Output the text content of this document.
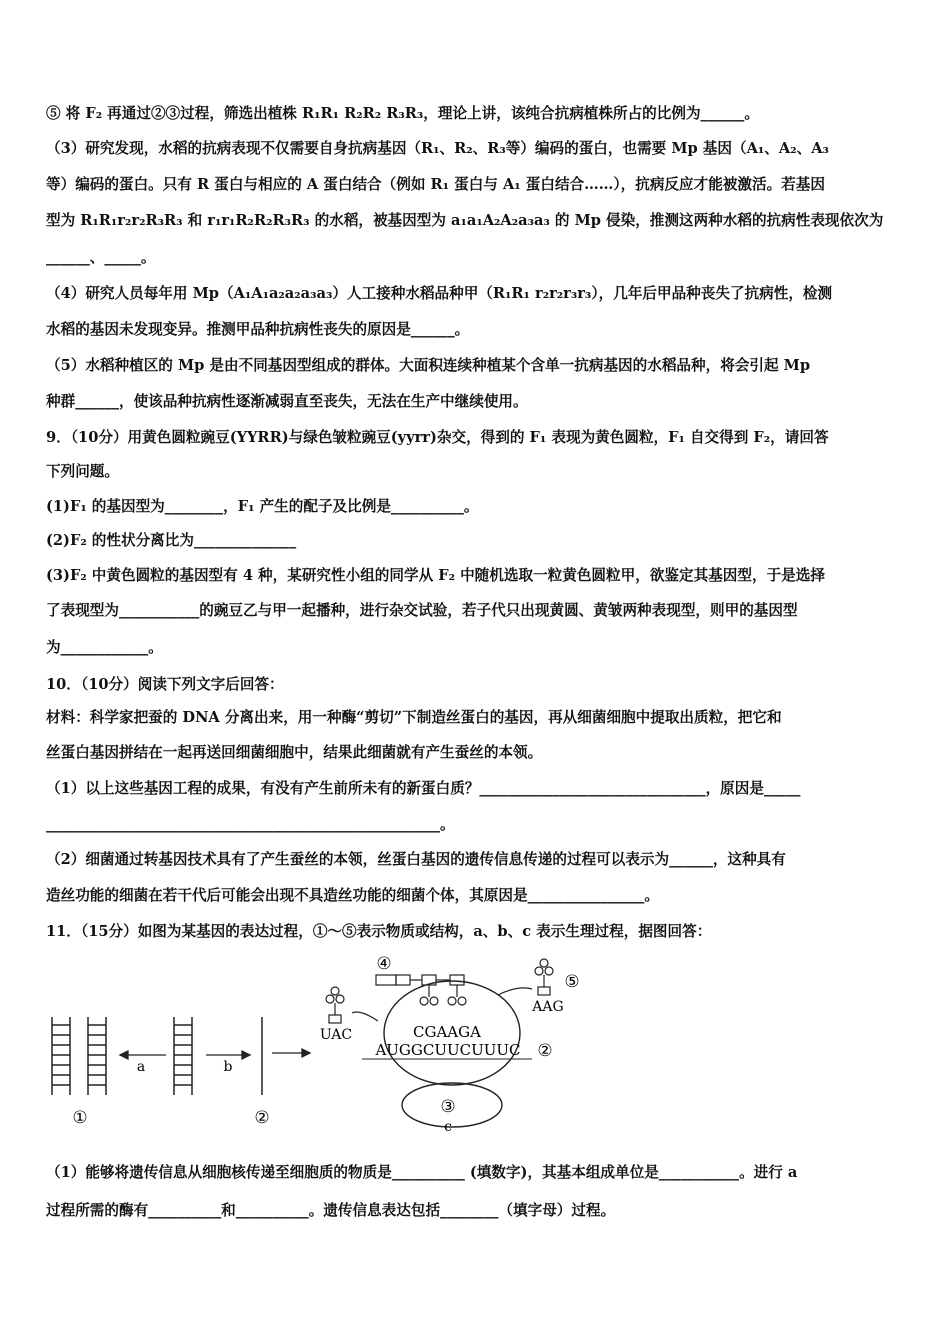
⑤ 将 F₂ 再通过②③过程，筛选出植株 R₁R₁ R₂R₂ R₃R₃，理论上讲，该纯合抗病植株所占的比例为______。
（3）研究发现，水稻的抗病表现不仅需要自身抗病基因（R₁、R₂、R₃等）编码的蛋白，也需要 Mp 基因（A₁、A₂、A₃
等）编码的蛋白。只有 R 蛋白与相应的 A 蛋白结合（例如 R₁ 蛋白与 A₁ 蛋白结合……），抗病反应才能被激活。若基因
型为 R₁R₁r₂r₂R₃R₃ 和 r₁r₁R₂R₂R₃R₃ 的水稻，被基因型为 a₁a₁A₂A₂a₃a₃ 的 Mp 侵染，推测这两种水稻的抗病性表现依次为
______、_____。
（4）研究人员每年用 Mp（A₁A₁a₂a₂a₃a₃）人工接种水稻品种甲（R₁R₁ r₂r₂r₃r₃），几年后甲品种丧失了抗病性，检测
水稻的基因未发现变异。推测甲品种抗病性丧失的原因是______。
（5）水稻种植区的 Mp 是由不同基因型组成的群体。大面积连续种植某个含单一抗病基因的水稻品种，将会引起 Mp
种群______，使该品种抗病性逐渐减弱直至丧失，无法在生产中继续使用。
9．（10分）用黄色圆粒豌豆(YYRR)与绿色皱粒豌豆(yyrr)杂交，得到的 F₁ 表现为黄色圆粒，F₁ 自交得到 F₂，请回答
下列问题。
(1)F₁ 的基因型为________，F₁ 产生的配子及比例是__________。
(2)F₂ 的性状分离比为______________
(3)F₂ 中黄色圆粒的基因型有 4 种，某研究性小组的同学从 F₂ 中随机选取一粒黄色圆粒甲，欲鉴定其基因型，于是选择
了表现型为___________的豌豆乙与甲一起播种，进行杂交试验，若子代只出现黄圆、黄皱两种表现型，则甲的基因型
为____________。
10．（10分）阅读下列文字后回答：
材料：科学家把蚕的 DNA 分离出来，用一种酶“剪切”下制造丝蛋白的基因，再从细菌细胞中提取出质粒，把它和
丝蛋白基因拼结在一起再送回细菌细胞中，结果此细菌就有产生蚕丝的本领。
（1）以上这些基因工程的成果，有没有产生前所未有的新蛋白质？_______________________________，原因是_____
______________________________________________________。
（2）细菌通过转基因技术具有了产生蚕丝的本领，丝蛋白基因的遗传信息传递的过程可以表示为______，这种具有
造丝功能的细菌在若干代后可能会出现不具造丝功能的细菌个体，其原因是________________。
11．（15分）如图为某基因的表达过程，①～⑤表示物质或结构，a、b、c 表示生理过程，据图回答：
①
a	b
②
UAC
③
c
④
CGAAGA
AUGGCUUCUUUC ②
⑤
AAG
（1）能够将遗传信息从细胞核传递至细胞质的物质是__________ (填数字)，其基本组成单位是___________。进行 a
过程所需的酶有__________和__________。遗传信息表达包括________（填字母）过程。
